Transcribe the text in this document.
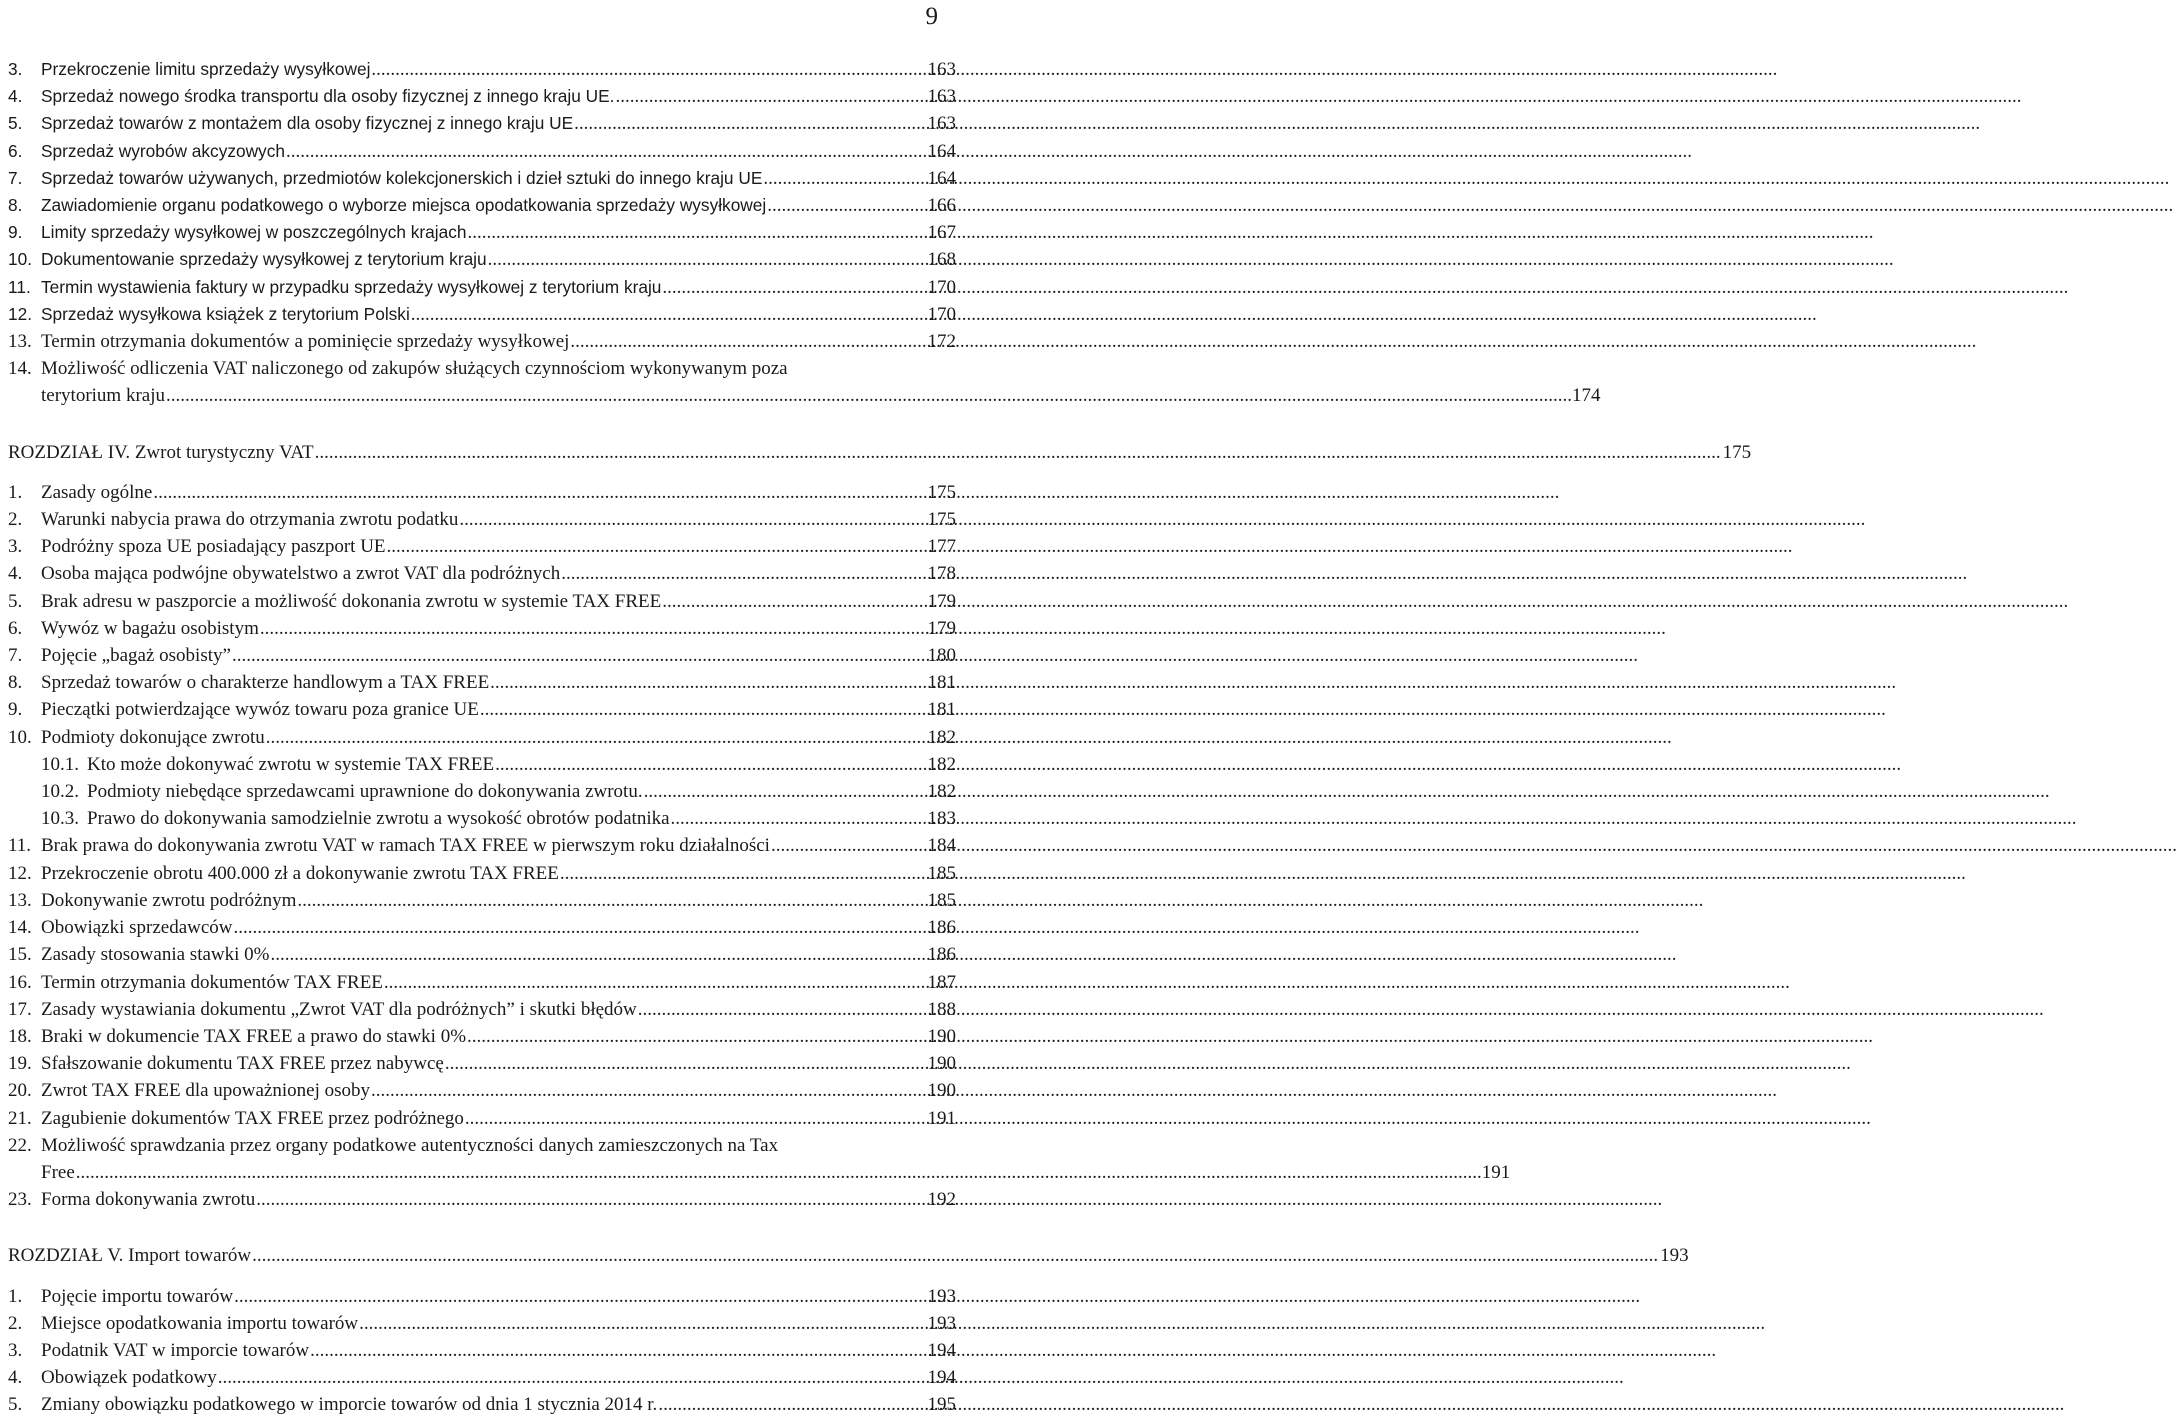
9
3.	Przekroczenie limitu sprzedaży wysyłkowej .....	163
4.	Sprzedaż nowego środka transportu dla osoby fizycznej z innego kraju UE. .....	163
5.	Sprzedaż towarów z montażem dla osoby fizycznej z innego kraju UE .....	163
6.	Sprzedaż wyrobów akcyzowych .....	164
7.	Sprzedaż towarów używanych, przedmiotów kolekcjonerskich i dzieł sztuki do innego kraju UE .....	164
8.	Zawiadomienie organu podatkowego o wyborze miejsca opodatkowania sprzedaży wysyłkowej .....	166
9.	Limity sprzedaży wysyłkowej w poszczególnych krajach .....	167
10. Dokumentowanie sprzedaży wysyłkowej z terytorium kraju .....	168
11. Termin wystawienia faktury w przypadku sprzedaży wysyłkowej z terytorium kraju .....	170
12. Sprzedaż wysyłkowa książek z terytorium Polski .....	170
13. Termin otrzymania dokumentów a pominięcie sprzedaży wysyłkowej .....	172
14. Możliwość odliczenia VAT naliczonego od zakupów służących czynnościom wykonywanym poza
terytorium kraju .....	174
ROZDZIAŁ IV. Zwrot turystyczny VAT .....	175
1. Zasady ogólne .....	175
2. Warunki nabycia prawa do otrzymania zwrotu podatku .....	175
3. Podróżny spoza UE posiadający paszport UE .....	177
4. Osoba mająca podwójne obywatelstwo a zwrot VAT dla podróżnych .....	178
5. Brak adresu w paszporcie a możliwość dokonania zwrotu w systemie TAX FREE .....	179
6. Wywóz w bagażu osobistym .....	179
7. Pojęcie „bagaż osobisty” .....	180
8. Sprzedaż towarów o charakterze handlowym a TAX FREE .....	181
9. Pieczątki potwierdzające wywóz towaru poza granice UE .....	181
10. Podmioty dokonujące zwrotu .....	182
10.1. Kto może dokonywać zwrotu w systemie TAX FREE .....	182
10.2. Podmioty niebędące sprzedawcami uprawnione do dokonywania zwrotu. .....	182
10.3. Prawo do dokonywania samodzielnie zwrotu a wysokość obrotów podatnika .....	183
11. Brak prawa do dokonywania zwrotu VAT w ramach TAX FREE w pierwszym roku działalności .....	184
12. Przekroczenie obrotu 400.000 zł a dokonywanie zwrotu TAX FREE .....	185
13. Dokonywanie zwrotu podróżnym .....	185
14. Obowiązki sprzedawców .....	186
15. Zasady stosowania stawki 0% .....	186
16. Termin otrzymania dokumentów TAX FREE .....	187
17. Zasady wystawiania dokumentu „Zwrot VAT dla podróżnych” i skutki błędów .....	188
18. Braki w dokumencie TAX FREE a prawo do stawki 0% .....	190
19. Sfałszowanie dokumentu TAX FREE przez nabywcę .....	190
20. Zwrot TAX FREE dla upoważnionej osoby .....	190
21. Zagubienie dokumentów TAX FREE przez podróżnego .....	191
22. Możliwość sprawdzania przez organy podatkowe autentyczności danych zamieszczonych na Tax
Free .....	191
23. Forma dokonywania zwrotu .....	192
ROZDZIAŁ V. Import towarów .....	193
1. Pojęcie importu towarów .....	193
2. Miejsce opodatkowania importu towarów .....	193
3. Podatnik VAT w imporcie towarów .....	194
4. Obowiązek podatkowy .....	194
5. Zmiany obowiązku podatkowego w imporcie towarów od dnia 1 stycznia 2014 r. .....	195
